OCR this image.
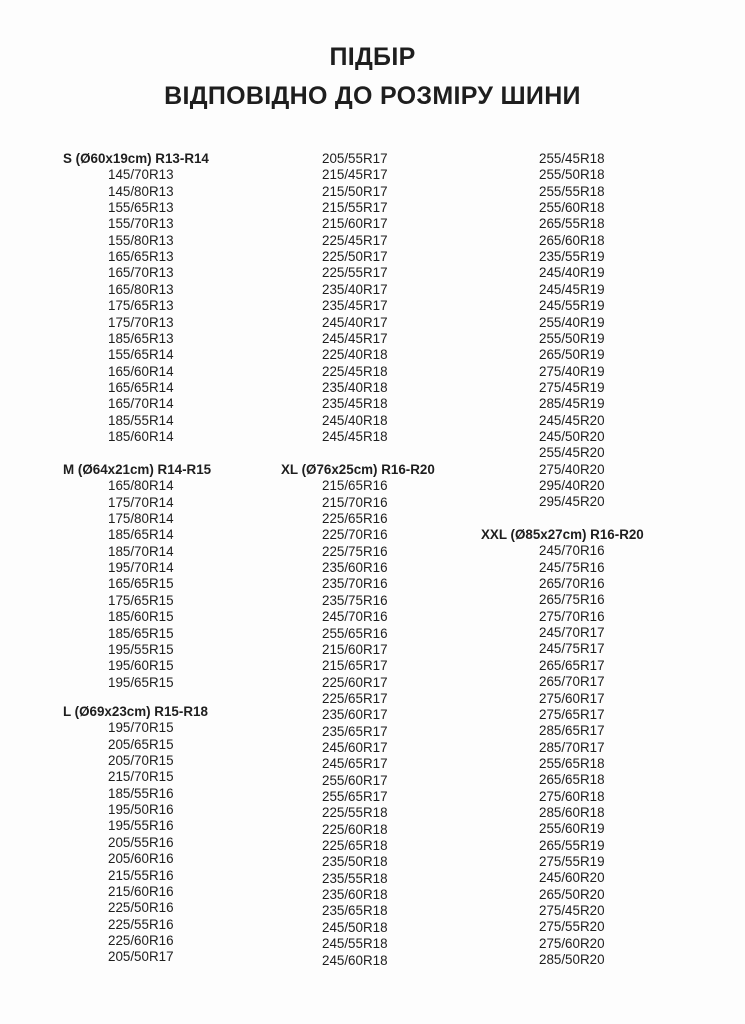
ПІДБІР
ВІДПОВІДНО ДО РОЗМІРУ ШИНИ
S (Ø60x19cm) R13-R14
145/70R13
145/80R13
155/65R13
155/70R13
155/80R13
165/65R13
165/70R13
165/80R13
175/65R13
175/70R13
185/65R13
155/65R14
165/60R14
165/65R14
165/70R14
185/55R14
185/60R14
M (Ø64x21cm) R14-R15
165/80R14
175/70R14
175/80R14
185/65R14
185/70R14
195/70R14
165/65R15
175/65R15
185/60R15
185/65R15
195/55R15
195/60R15
195/65R15
L (Ø69x23cm) R15-R18
195/70R15
205/65R15
205/70R15
215/70R15
185/55R16
195/50R16
195/55R16
205/55R16
205/60R16
215/55R16
215/60R16
225/50R16
225/55R16
225/60R16
205/50R17
205/55R17
215/45R17
215/50R17
215/55R17
215/60R17
225/45R17
225/50R17
225/55R17
235/40R17
235/45R17
245/40R17
245/45R17
225/40R18
225/45R18
235/40R18
235/45R18
245/40R18
245/45R18
XL (Ø76x25cm) R16-R20
215/65R16
215/70R16
225/65R16
225/70R16
225/75R16
235/60R16
235/70R16
235/75R16
245/70R16
255/65R16
215/60R17
215/65R17
225/60R17
225/65R17
235/60R17
235/65R17
245/60R17
245/65R17
255/60R17
255/65R17
225/55R18
225/60R18
225/65R18
235/50R18
235/55R18
235/60R18
235/65R18
245/50R18
245/55R18
245/60R18
255/45R18
255/50R18
255/55R18
255/60R18
265/55R18
265/60R18
235/55R19
245/40R19
245/45R19
245/55R19
255/40R19
255/50R19
265/50R19
275/40R19
275/45R19
285/45R19
245/45R20
245/50R20
255/45R20
275/40R20
295/40R20
295/45R20
XXL (Ø85x27cm) R16-R20
245/70R16
245/75R16
265/70R16
265/75R16
275/70R16
245/70R17
245/75R17
265/65R17
265/70R17
275/60R17
275/65R17
285/65R17
285/70R17
255/65R18
265/65R18
275/60R18
285/60R18
255/60R19
265/55R19
275/55R19
245/60R20
265/50R20
275/45R20
275/55R20
275/60R20
285/50R20
